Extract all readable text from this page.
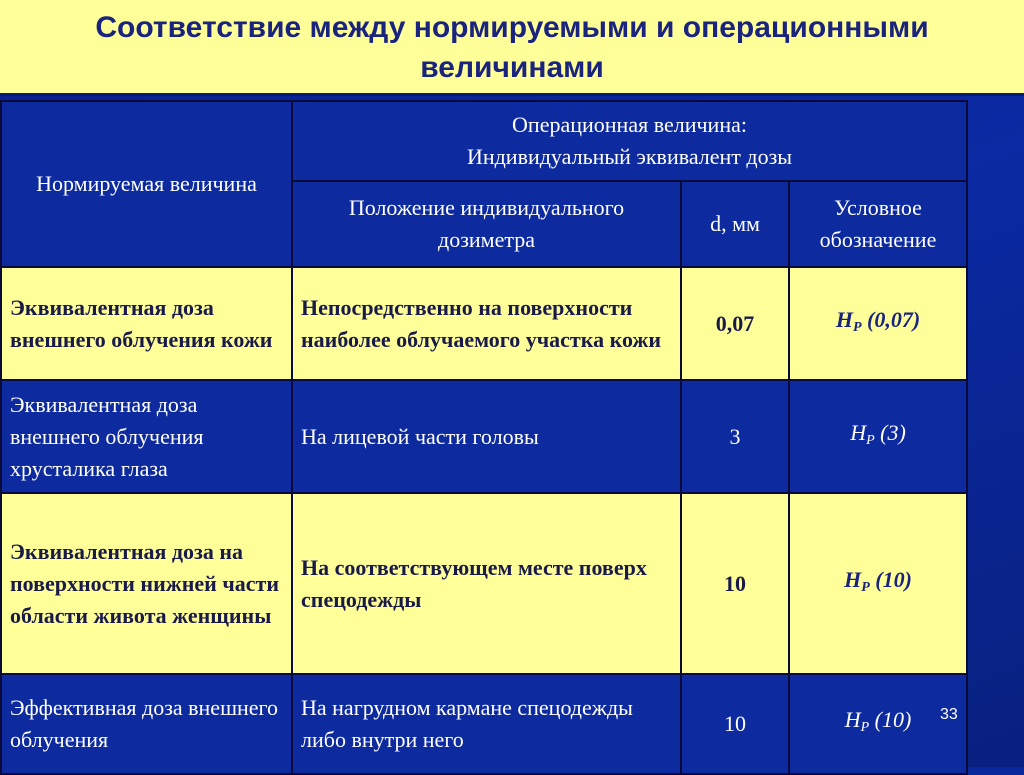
Соответствие между нормируемыми и операционными величинами
Нормируемая величина	Операционная величина:
Индивидуальный эквивалент дозы		

	Положение индивидуального дозиметра	d, мм	Условное обозначение
Эквивалентная доза внешнего облучения кожи	Непосредственно на поверхности наиболее облучаемого участка кожи	0,07	$H_P$ (0,07)
Эквивалентная доза внешнего облучения хрусталика глаза	На лицевой части головы	3	$H_P$ (3)
Эквивалентная доза на поверхности нижней части области живота женщины	На соответствующем месте поверх спецодежды	10	$H_P$ (10)
Эффективная доза внешнего облучения	На нагрудном кармане спецодежды либо внутри него	10	$H_P$ (10) 33
